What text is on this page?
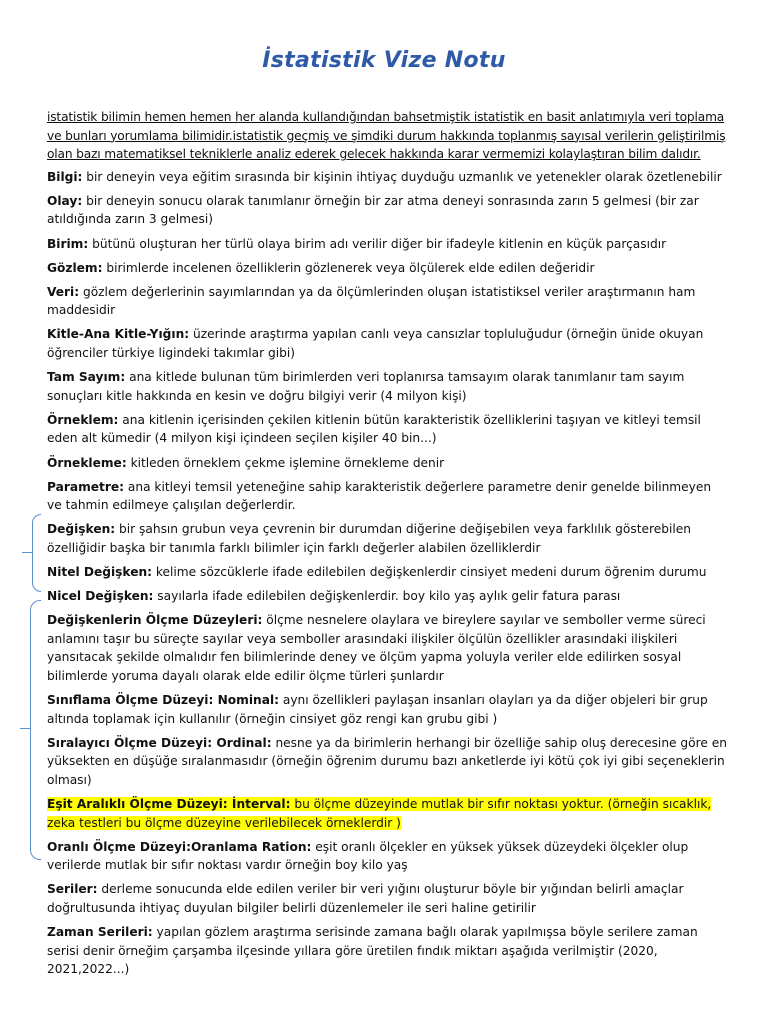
İstatistik Vize Notu

istatistik bilimin hemen hemen her alanda kullandığından bahsetmiştik istatistik en basit anlatımıyla veri toplama ve bunları yorumlama bilimidir.istatistik geçmiş ve şimdiki durum hakkında toplanmış sayısal verilerin geliştirilmiş olan bazı matematiksel tekniklerle analiz ederek gelecek hakkında karar vermemizi kolaylaştıran bilim dalıdır.

Bilgi: bir deneyin veya eğitim sırasında bir kişinin ihtiyaç duyduğu uzmanlık ve yetenekler olarak özetlenebilir

Olay: bir deneyin sonucu olarak tanımlanır örneğin bir zar atma deneyi sonrasında zarın 5 gelmesi (bir zar atıldığında zarın 3 gelmesi)

Birim: bütünü oluşturan her türlü olaya birim adı verilir diğer bir ifadeyle kitlenin en küçük parçasıdır

Gözlem: birimlerde incelenen özelliklerin gözlenerek veya ölçülerek elde edilen değeridir

Veri: gözlem değerlerinin sayımlarından ya da ölçümlerinden oluşan istatistiksel veriler araştırmanın ham maddesidir

Kitle-Ana Kitle-Yığın: üzerinde araştırma yapılan canlı veya cansızlar topluluğudur (örneğin ünide okuyan öğrenciler türkiye ligindeki takımlar gibi)

Tam Sayım: ana kitlede bulunan tüm birimlerden veri toplanırsa tamsayım olarak tanımlanır tam sayım sonuçları kitle hakkında en kesin ve doğru bilgiyi verir (4 milyon kişi)

Örneklem: ana kitlenin içerisinden çekilen kitlenin bütün karakteristik özelliklerini taşıyan ve kitleyi temsil eden alt kümedir (4 milyon kişi içindeen seçilen kişiler 40 bin...)

Örnekleme: kitleden örneklem çekme işlemine örnekleme denir

Parametre: ana kitleyi temsil yeteneğine sahip karakteristik değerlere parametre denir genelde bilinmeyen ve tahmin edilmeye çalışılan değerlerdir.

Değişken: bir şahsın grubun veya çevrenin bir durumdan diğerine değişebilen veya farklılık gösterebilen özelliğidir başka bir tanımla farklı bilimler için farklı değerler alabilen özelliklerdir

Nitel Değişken: kelime sözcüklerle ifade edilebilen değişkenlerdir cinsiyet medeni durum öğrenim durumu

Nicel Değişken: sayılarla ifade edilebilen değişkenlerdir. boy kilo yaş aylık gelir fatura parası

Değişkenlerin Ölçme Düzeyleri: ölçme nesnelere olaylara ve bireylere sayılar ve semboller verme süreci anlamını taşır bu süreçte sayılar veya semboller arasındaki ilişkiler ölçülün özellikler arasındaki ilişkileri yansıtacak şekilde olmalıdır fen bilimlerinde deney ve ölçüm yapma yoluyla veriler elde edilirken sosyal bilimlerde yoruma dayalı olarak elde edilir ölçme türleri şunlardır

Sınıflama Ölçme Düzeyi: Nominal: aynı özellikleri paylaşan insanları olayları ya da diğer objeleri bir grup altında toplamak için kullanılır (örneğin cinsiyet göz rengi kan grubu gibi )

Sıralayıcı Ölçme Düzeyi: Ordinal: nesne ya da birimlerin herhangi bir özelliğe sahip oluş derecesine göre en yüksekten en düşüğe sıralanmasıdır (örneğin öğrenim durumu bazı anketlerde iyi kötü çok iyi gibi seçeneklerin olması)

Eşit Aralıklı Ölçme Düzeyi: İnterval: bu ölçme düzeyinde mutlak bir sıfır noktası yoktur. (örneğin sıcaklık, zeka testleri bu ölçme düzeyine verilebilecek örneklerdir )

Oranlı Ölçme Düzeyi:Oranlama Ration: eşit oranlı ölçekler en yüksek yüksek düzeydeki ölçekler olup verilerde mutlak bir sıfır noktası vardır örneğin boy kilo yaş

Seriler: derleme sonucunda elde edilen veriler bir veri yığını oluşturur böyle bir yığından belirli amaçlar doğrultusunda ihtiyaç duyulan bilgiler belirli düzenlemeler ile seri haline getirilir

Zaman Serileri: yapılan gözlem araştırma serisinde zamana bağlı olarak yapılmışsa böyle serilere zaman serisi denir örneğim çarşamba ilçesinde yıllara göre üretilen fındık miktarı aşağıda verilmiştir (2020, 2021,2022...)
